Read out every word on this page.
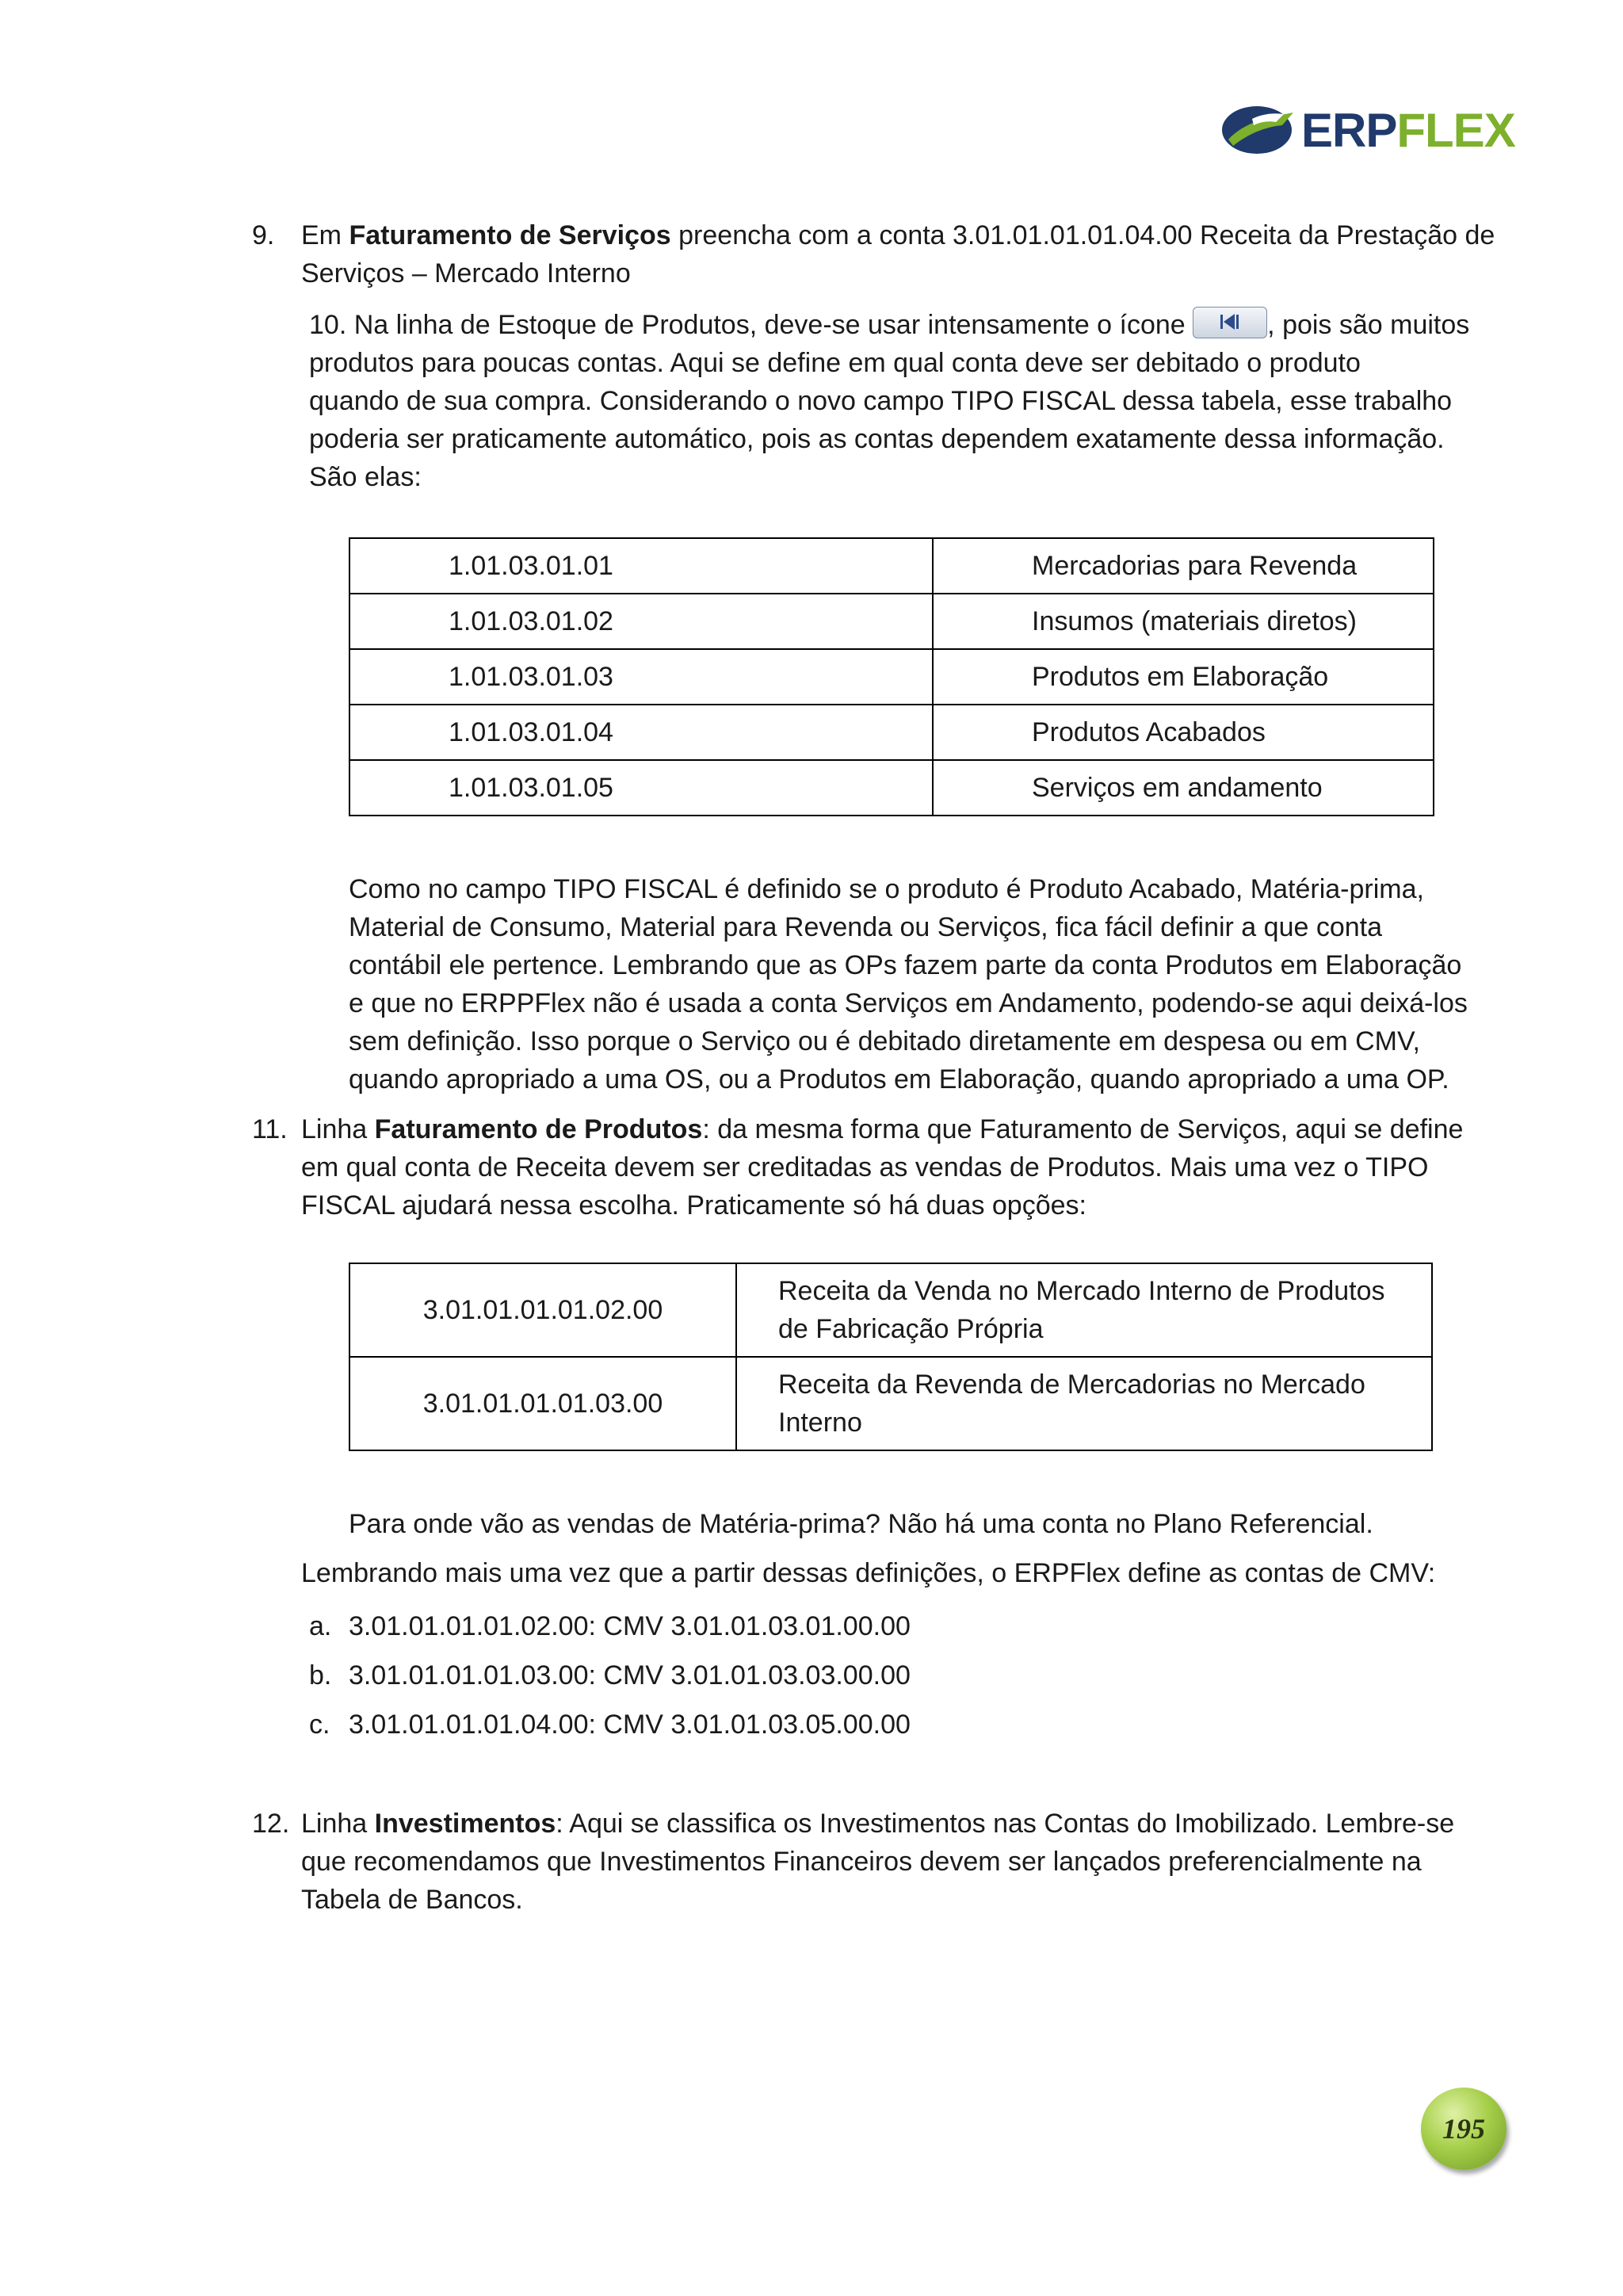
ERPFLEX
9. Em Faturamento de Serviços preencha com a conta 3.01.01.01.01.04.00 Receita da Prestação de

Serviços – Mercado Interno

10. Na linha de Estoque de Produtos, deve-se usar intensamente o ícone	, pois são muitos

produtos para poucas contas. Aqui se define em qual conta deve ser debitado o produto

quando de sua compra. Considerando o novo campo TIPO FISCAL dessa tabela, esse trabalho

poderia ser praticamente automático, pois as contas dependem exatamente dessa informação.

São elas:

1.01.03.01.01	Mercadorias para Revenda
1.01.03.01.02	Insumos (materiais diretos)
1.01.03.01.03	Produtos em Elaboração
1.01.03.01.04	Produtos Acabados
1.01.03.01.05	Serviços em andamento

Como no campo TIPO FISCAL é definido se o produto é Produto Acabado, Matéria-prima,

Material de Consumo, Material para Revenda ou Serviços, fica fácil definir a que conta

contábil ele pertence. Lembrando que as OPs fazem parte da conta Produtos em Elaboração

e que no ERPPFlex não é usada a conta Serviços em Andamento, podendo-se aqui deixá-los

sem definição. Isso porque o Serviço ou é debitado diretamente em despesa ou em CMV,

quando apropriado a uma OS, ou a Produtos em Elaboração, quando apropriado a uma OP.

11. Linha Faturamento de Produtos: da mesma forma que Faturamento de Serviços, aqui se define

em qual conta de Receita devem ser creditadas as vendas de Produtos. Mais uma vez o TIPO

FISCAL ajudará nessa escolha. Praticamente só há duas opções:

3.01.01.01.01.02.00	Receita da Venda no Mercado Interno de Produtos
de Fabricação Própria

3.01.01.01.01.03.00	Receita da Revenda de Mercadorias no Mercado
Interno

Para onde vão as vendas de Matéria-prima? Não há uma conta no Plano Referencial.

Lembrando mais uma vez que a partir dessas definições, o ERPFlex define as contas de CMV:

a. 3.01.01.01.01.02.00: CMV 3.01.01.03.01.00.00

b. 3.01.01.01.01.03.00: CMV 3.01.01.03.03.00.00

c. 3.01.01.01.01.04.00: CMV 3.01.01.03.05.00.00

12. Linha Investimentos: Aqui se classifica os Investimentos nas Contas do Imobilizado. Lembre-se

que recomendamos que Investimentos Financeiros devem ser lançados preferencialmente na

Tabela de Bancos.

195
